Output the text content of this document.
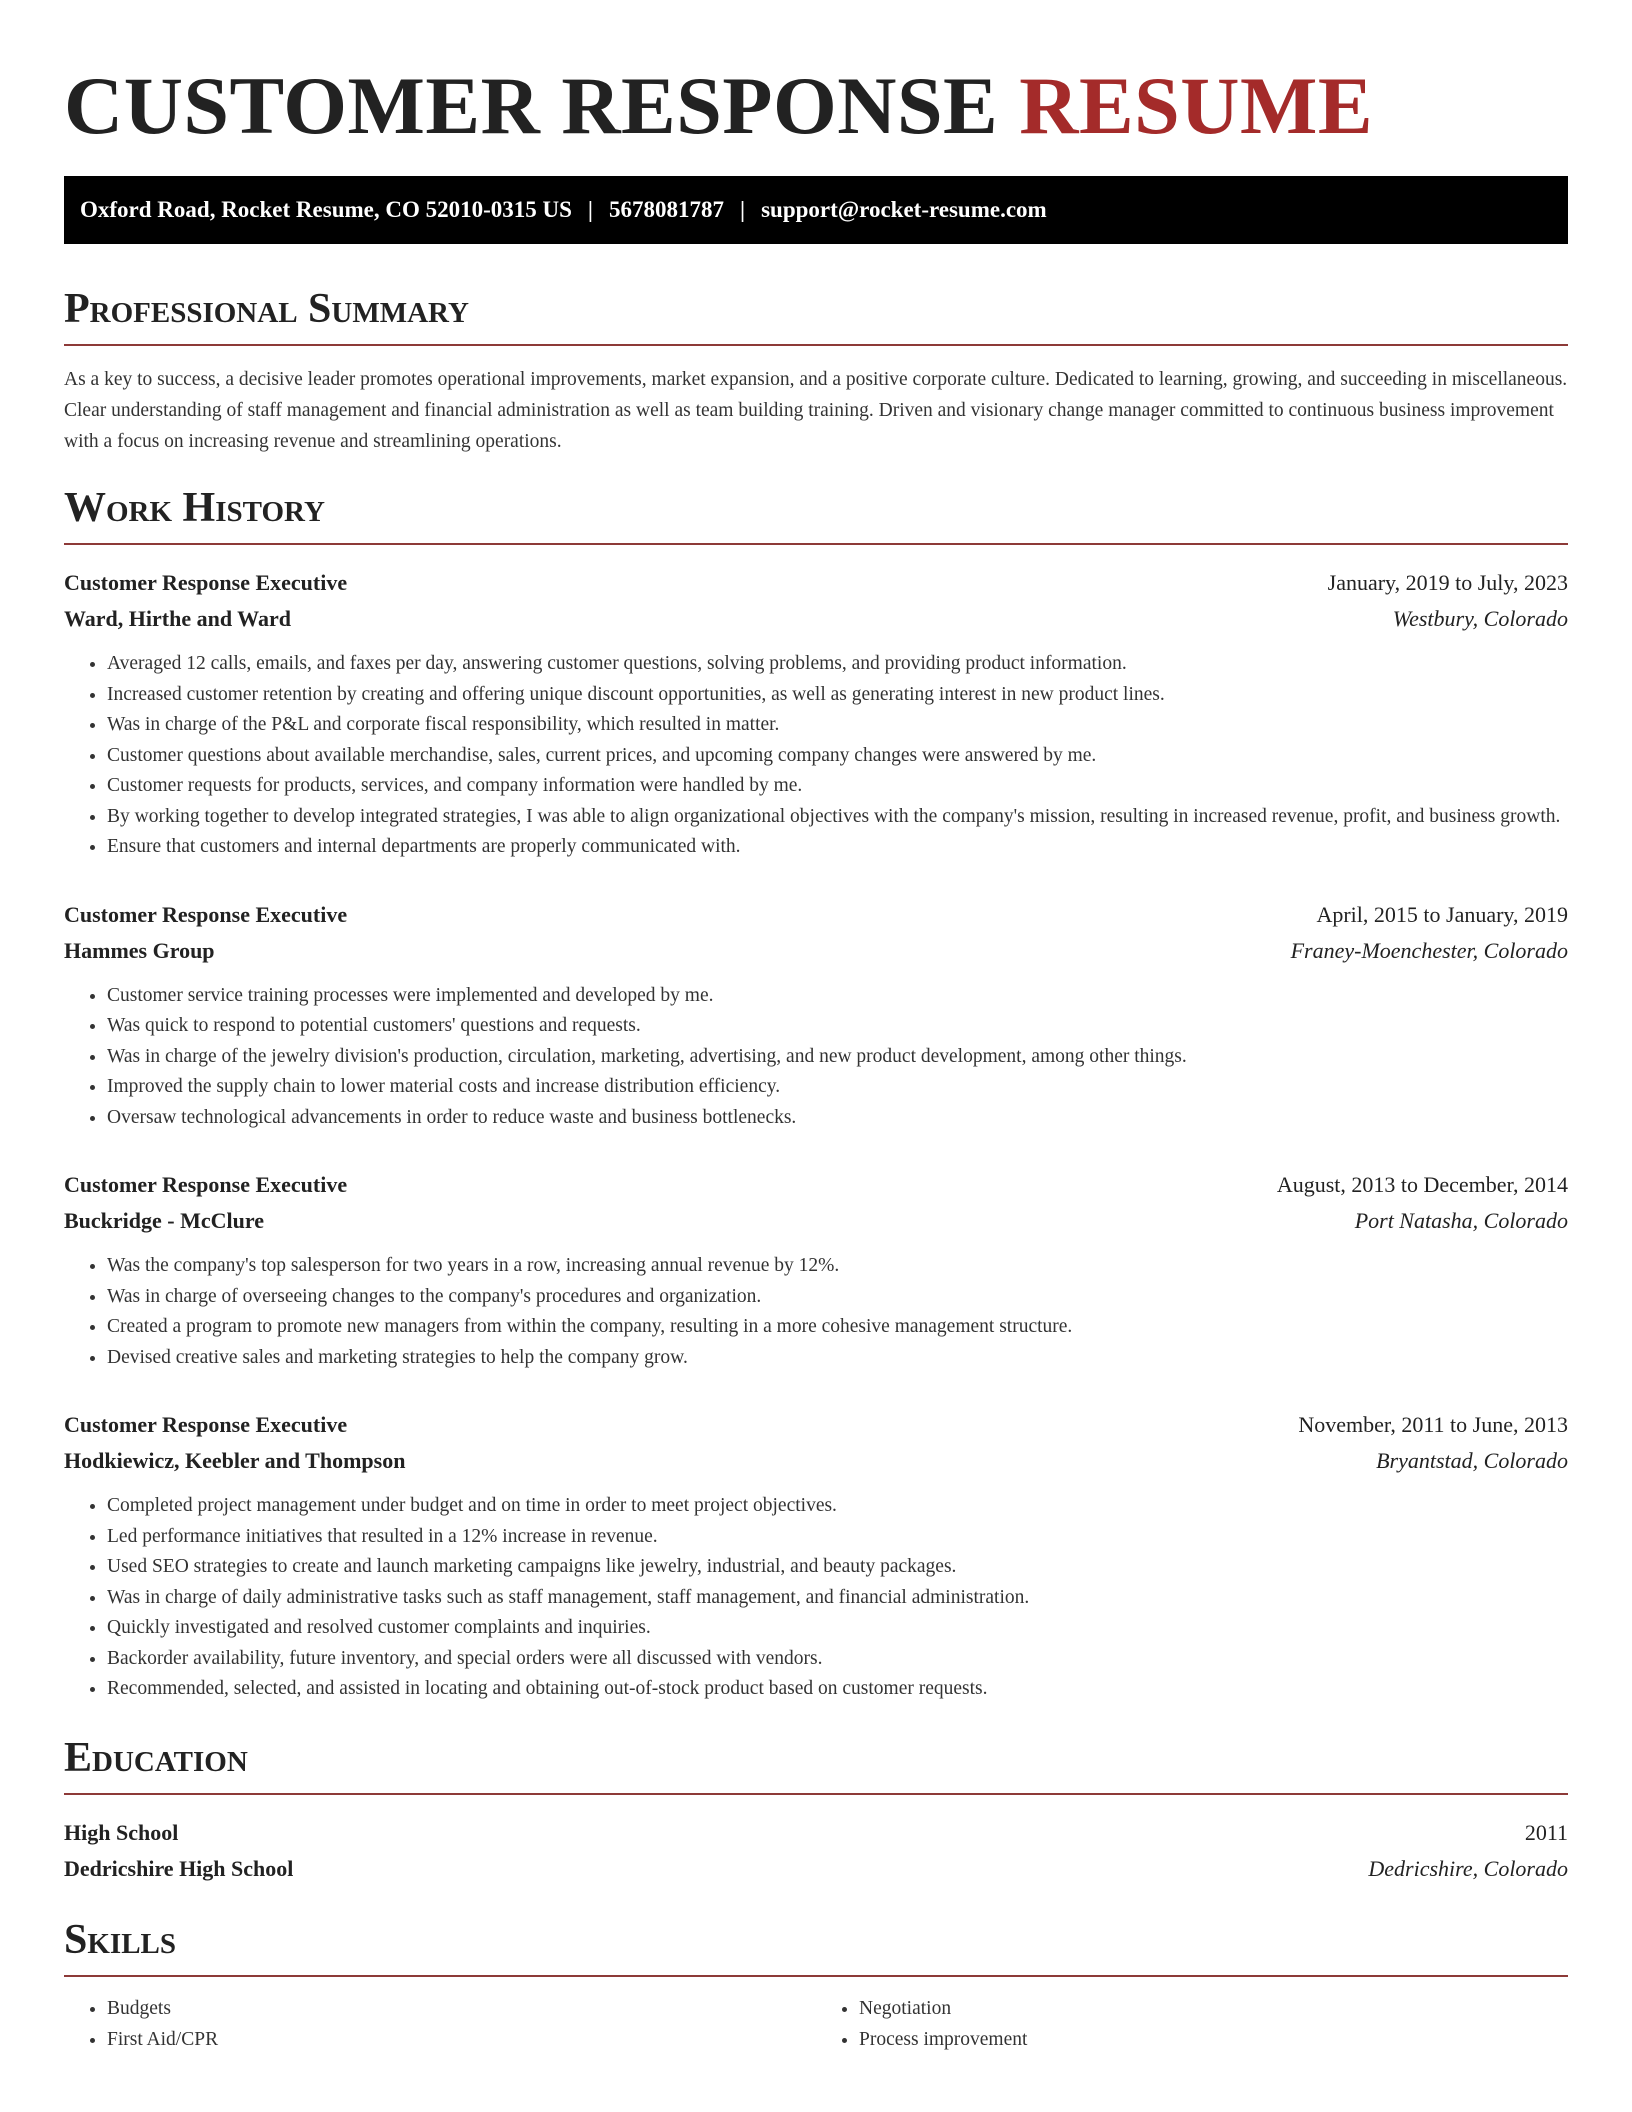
CUSTOMER RESPONSE RESUME
Oxford Road, Rocket Resume, CO 52010-0315 US | 5678081787 | support@rocket-resume.com
Professional Summary

As a key to success, a decisive leader promotes operational improvements, market expansion, and a positive corporate culture. Dedicated to learning, growing, and succeeding in miscellaneous. Clear understanding of staff management and financial administration as well as team building training. Driven and visionary change manager committed to continuous business improvement with a focus on increasing revenue and streamlining operations.

Work History
Customer Response Executive	January, 2019 to July, 2023
Ward, Hirthe and Ward	Westbury, Colorado
• Averaged 12 calls, emails, and faxes per day, answering customer questions, solving problems, and providing product information.
• Increased customer retention by creating and offering unique discount opportunities, as well as generating interest in new product lines.
• Was in charge of the P&L and corporate fiscal responsibility, which resulted in matter.
• Customer questions about available merchandise, sales, current prices, and upcoming company changes were answered by me.
• Customer requests for products, services, and company information were handled by me.
• By working together to develop integrated strategies, I was able to align organizational objectives with the company's mission, resulting in increased revenue, profit, and business growth.
• Ensure that customers and internal departments are properly communicated with.
Customer Response Executive	April, 2015 to January, 2019
Hammes Group	Franey-Moenchester, Colorado
• Customer service training processes were implemented and developed by me.
• Was quick to respond to potential customers' questions and requests.
• Was in charge of the jewelry division's production, circulation, marketing, advertising, and new product development, among other things.
• Improved the supply chain to lower material costs and increase distribution efficiency.
• Oversaw technological advancements in order to reduce waste and business bottlenecks.
Customer Response Executive	August, 2013 to December, 2014
Buckridge - McClure	Port Natasha, Colorado
• Was the company's top salesperson for two years in a row, increasing annual revenue by 12%.
• Was in charge of overseeing changes to the company's procedures and organization.
• Created a program to promote new managers from within the company, resulting in a more cohesive management structure.
• Devised creative sales and marketing strategies to help the company grow.
Customer Response Executive	November, 2011 to June, 2013
Hodkiewicz, Keebler and Thompson	Bryantstad, Colorado
• Completed project management under budget and on time in order to meet project objectives.
• Led performance initiatives that resulted in a 12% increase in revenue.
• Used SEO strategies to create and launch marketing campaigns like jewelry, industrial, and beauty packages.
• Was in charge of daily administrative tasks such as staff management, staff management, and financial administration.
• Quickly investigated and resolved customer complaints and inquiries.
• Backorder availability, future inventory, and special orders were all discussed with vendors.
• Recommended, selected, and assisted in locating and obtaining out-of-stock product based on customer requests.
Education
High School	2011
Dedricshire High School	Dedricshire, Colorado
Skills
• Budgets
• First Aid/CPR
• Negotiation
• Process improvement
